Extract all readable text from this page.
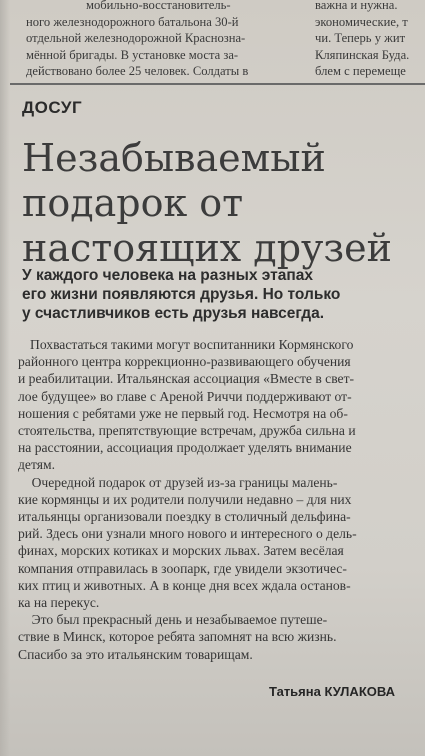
мобильно-восстановитель-
ного железнодорожного батальона 30-й
отдельной железнодорожной Краснозна-
мённой бригады. В установке моста за-
действовано более 25 человек. Солдаты в
важна и нужна.
экономические, т
чи. Теперь у жит
Кляпинская Буда.
блем с перемеще
ДОСУГ
Незабываемый
подарок от
настоящих друзей
У каждого человека на разных этапах
его жизни появляются друзья. Но только
у счастливчиков есть друзья навсегда.
Похвастаться такими могут воспитанники Кормянского
районного центра коррекционно-развивающего обучения
и реабилитации. Итальянская ассоциация «Вместе в свет-
лое будущее» во главе с Ареной Риччи поддерживают от-
ношения с ребятами уже не первый год. Несмотря на об-
стоятельства, препятствующие встречам, дружба сильна и
на расстоянии, ассоциация продолжает уделять внимание
детям.
Очередной подарок от друзей из-за границы малень-
кие кормянцы и их родители получили недавно – для них
итальянцы организовали поездку в столичный дельфина-
рий. Здесь они узнали много нового и интересного о дель-
финах, морских котиках и морских львах. Затем весёлая
компания отправилась в зоопарк, где увидели экзотичес-
ких птиц и животных. А в конце дня всех ждала останов-
ка на перекус.
Это был прекрасный день и незабываемое путеше-
ствие в Минск, которое ребята запомнят на всю жизнь.
Спасибо за это итальянским товарищам.
Татьяна КУЛАКОВА
